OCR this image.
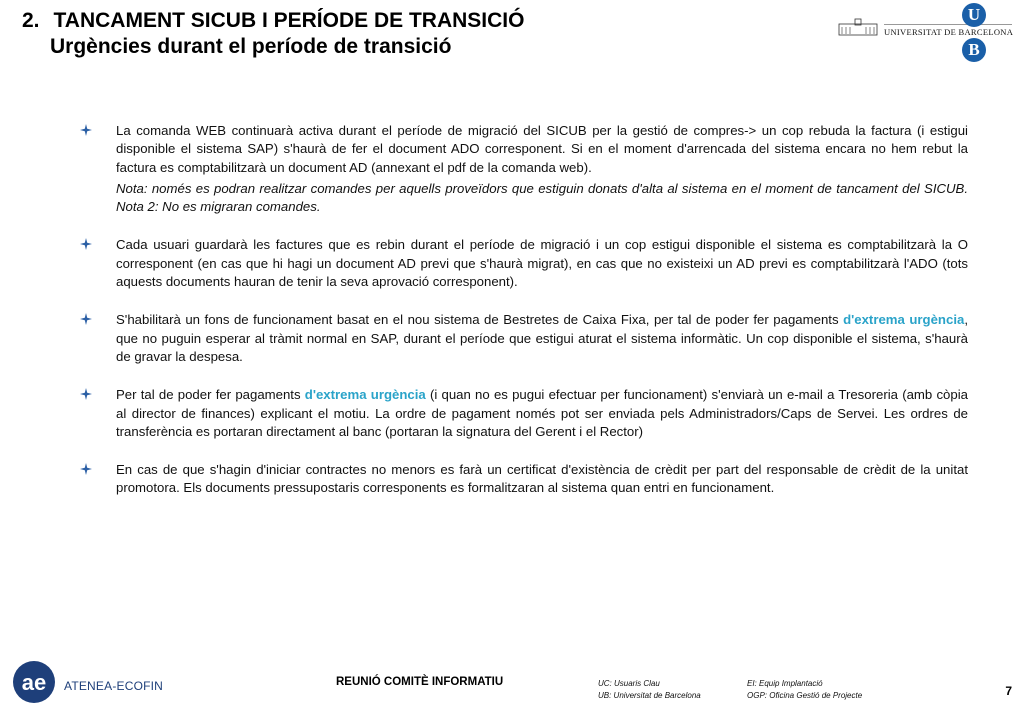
2. TANCAMENT SICUB I PERÍODE DE TRANSICIÓ
Urgències durant el període de transició
UNIVERSITAT DE BARCELONA
U
B
La comanda WEB continuarà activa durant el període de migració del SICUB per la gestió de compres-> un cop rebuda la factura (i estigui disponible el sistema SAP) s'haurà de fer el document ADO corresponent. Si en el moment d'arrencada del sistema encara no hem rebut la factura es comptabilitzarà un document AD (annexant el pdf de la comanda web).
Nota: només es podran realitzar comandes per aquells proveïdors que estiguin donats d'alta al sistema en el moment de tancament del SICUB. Nota 2: No es migraran comandes.
Cada usuari guardarà les factures que es rebin durant el període de migració i un cop estigui disponible el sistema es comptabilitzarà la O corresponent (en cas que hi hagi un document AD previ que s'haurà migrat), en cas que no existeixi un AD previ es comptabilitzarà l'ADO (tots aquests documents hauran de tenir la seva aprovació corresponent).
S'habilitarà un fons de funcionament basat en el nou sistema de Bestretes de Caixa Fixa, per tal de poder fer pagaments d'extrema urgència, que no puguin esperar al tràmit normal en SAP, durant el període que estigui aturat el sistema informàtic. Un cop disponible el sistema, s'haurà de gravar la despesa.
Per tal de poder fer pagaments d'extrema urgència (i quan no es pugui efectuar per funcionament) s'enviarà un e-mail a Tresoreria (amb còpia al director de finances) explicant el motiu. La ordre de pagament només pot ser enviada pels Administradors/Caps de Servei. Les ordres de transferència es portaran directament al banc (portaran la signatura del Gerent i el Rector)
En cas de que s'hagin d'iniciar contractes no menors es farà un certificat d'existència de crèdit per part del responsable de crèdit de la unitat promotora. Els documents pressupostaris corresponents es formalitzaran al sistema quan entri en funcionament.
ae ATENEA-ECOFIN	REUNIÓ COMITÈ INFORMATIU	UC: Usuaris Clau
UB: Universitat de Barcelona
EI: Equip Implantació
OGP: Oficina Gestió de Projecte	7
